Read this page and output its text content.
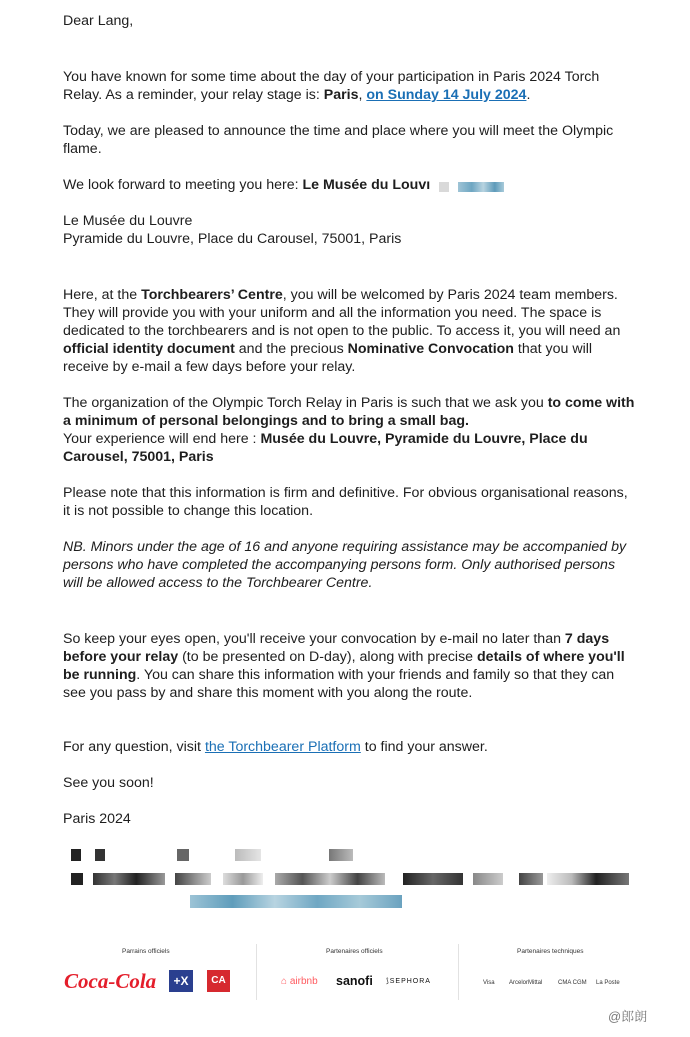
Dear Lang,

You have known for some time about the day of your participation in Paris 2024 Torch Relay. As a reminder, your relay stage is: Paris, on Sunday 14 July 2024.

Today, we are pleased to announce the time and place where you will meet the Olympic flame.

We look forward to meeting you here: Le Musée du Louvı

Le Musée du Louvre

Pyramide du Louvre, Place du Carousel, 75001, Paris

Here, at the Torchbearers’ Centre, you will be welcomed by Paris 2024 team members. They will provide you with your uniform and all the information you need. The space is dedicated to the torchbearers and is not open to the public. To access it, you will need an official identity document and the precious Nominative Convocation that you will receive by e-mail a few days before your relay.

The organization of the Olympic Torch Relay in Paris is such that we ask you to come with a minimum of personal belongings and to bring a small bag.
Your experience will end here : Musée du Louvre, Pyramide du Louvre, Place du Carousel, 75001, Paris

Please note that this information is firm and definitive. For obvious organisational reasons, it is not possible to change this location.

NB. Minors under the age of 16 and anyone requiring assistance may be accompanied by persons who have completed the accompanying persons form. Only authorised persons will be allowed access to the Torchbearer Centre.

So keep your eyes open, you'll receive your convocation by e-mail no later than 7 days before your relay (to be presented on D-day), along with precise details of where you'll be running. You can share this information with your friends and family so that they can see you pass by and share this moment with you along the route.

For any question, visit the Torchbearer Platform to find your answer.

See you soon!

Paris 2024

Parrains officiels
Coca-Cola	+X	CA
Partenaires officiels
⌂ airbnb sanofi ⟆SEPHORA
Partenaires techniques
Visa ArcelorMittal	CMA CGM La Poste
@郎朗
